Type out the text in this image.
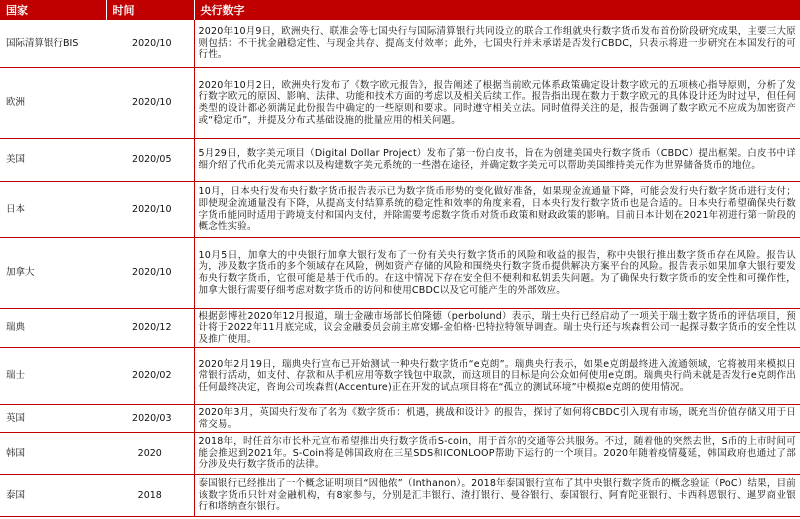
国家	时间	央行数字
国际清算银行BIS	2020/10	2020年10月9日，欧洲央行、联准会等七国央行与国际清算银行共同设立的联合工作组就央行数字货币发布首份阶段研究成果，主要三大原则包括：不干扰金融稳定性、与现金共存、提高支付效率；此外，七国央行并未承诺是否发行CBDC，只表示将进一步研究在本国发行的可行性。
欧洲	2020/10	2020年10月2日，欧洲央行发布了《数字欧元报告》，报告阐述了根据当前欧元体系政策确定设计数字欧元的五项核心指导原则，分析了发行数字欧元的原因、影响、法律、功能和技术方面的考虑以及相关后续工作。报告指出现在数力于数字欧元的具体设计还为时过早，但任何类型的设计都必须满足此份报告中确定的一些原则和要求。同时遵守相关立法。同时值得关注的是，报告强调了数字欧元不应成为加密资产或“稳定币”，并提及分布式基础设施的批量应用的相关问题。
美国	2020/05	5月29日，数字美元项目（Digital Dollar Project）发布了第一份白皮书，旨在为创建美国央行数字货币（CBDC）提出框架。白皮书中详细介绍了代币化美元需求以及构建数字美元系统的一些潜在途径，并确定数字美元可以帮助美国维持美元作为世界储备货币的地位。
日本	2020/10	10月，日本央行发布央行数字货币报告表示已为数字货币形势的变化做好准备，如果现金流通量下降，可能会发行央行数字货币进行支付；即使现金流通量没有下降，从提高支付结算系统的稳定性和效率的角度来看，日本央行发行数字货币也是合适的。日本央行希望确保央行数字货币能同时适用于跨境支付和国内支付，并除需要考虑数字货币对货币政策和财政政策的影响。目前日本计划在2021年初进行第一阶段的概念性实验。
加拿大	2020/10	10月5日，加拿大的中央银行加拿大银行发布了一份有关央行数字货币的风险和收益的报告，称中央银行推出数字货币存在风险。报告认为，涉及数字货币的多个领域存在风险，例如资产存储的风险和围绕央行数字货币提供解决方案平台的风险。报告表示如果加拿大银行要发布央行数字货币，它很可能是基于代币的。在这中情况下存在安全但不便利和私钥丢失问题。为了确保央行数字货币的安全性和可操作性，加拿大银行需要仔细考虑对数字货币的访问和使用CBDC以及它可能产生的外部效应。
瑞典	2020/12	根据彭博社2020年12月报道，瑞士金融市场部长伯隆德（perbolund）表示，瑞士央行已经启动了一项关于瑞士数字货币的评估项目，预计将于2022年11月底完成，议会金融委员会前主席安娜-金伯格·巴特拉特领导调查。瑞士央行还与埃森哲公司一起探寻数字货币的安全性以及推广使用。
瑞士	2020/02	2020年2月19日，瑞典央行宣布已开始测试一种央行数字货币“e克朗”。瑞典央行表示，如果e克朗最终进入流通领域，它将被用来模拟日常银行活动，如支付、存款和从手机应用等数字钱包中取款，而这项目的目标是向公众如何使用e克朗。瑞典央行尚未就是否发行e克朗作出任何最终决定，咨询公司埃森哲(Accenture)正在开发的试点项目将在“孤立的测试环境”中模拟e克朗的使用情况。
英国	2020/03	2020年3月，英国央行发布了名为《数字货币：机遇，挑战和设计》的报告，探讨了如何将CBDC引入现有市场，既充当价值存储又用于日常交易。
韩国	2020	2018年，时任首尔市长朴元宣布希望推出央行数字货币S-coin，用于首尔的交通等公共服务。不过，随着他的突然去世，S币的上市时间可能会推迟到2021年。S-Coin将是韩国政府在三星SDS和ICONLOOP帮助下运行的一个项目。2020年随着疫情蔓延，韩国政府也通过了部分涉及央行数字货币的法律。
泰国	2018	泰国银行已经推出了一个概念证明项目“因他侬”（Inthanon）。2018年泰国银行宣布了其中央银行数字货币的概念验证（PoC）结果，目前该数字货币只针对金融机构，有8家参与，分别是汇丰银行、渣打银行、曼谷银行、泰国银行、阿育陀亚银行、卡西科恩银行、暹罗商业银行和塔纳查尔银行。
